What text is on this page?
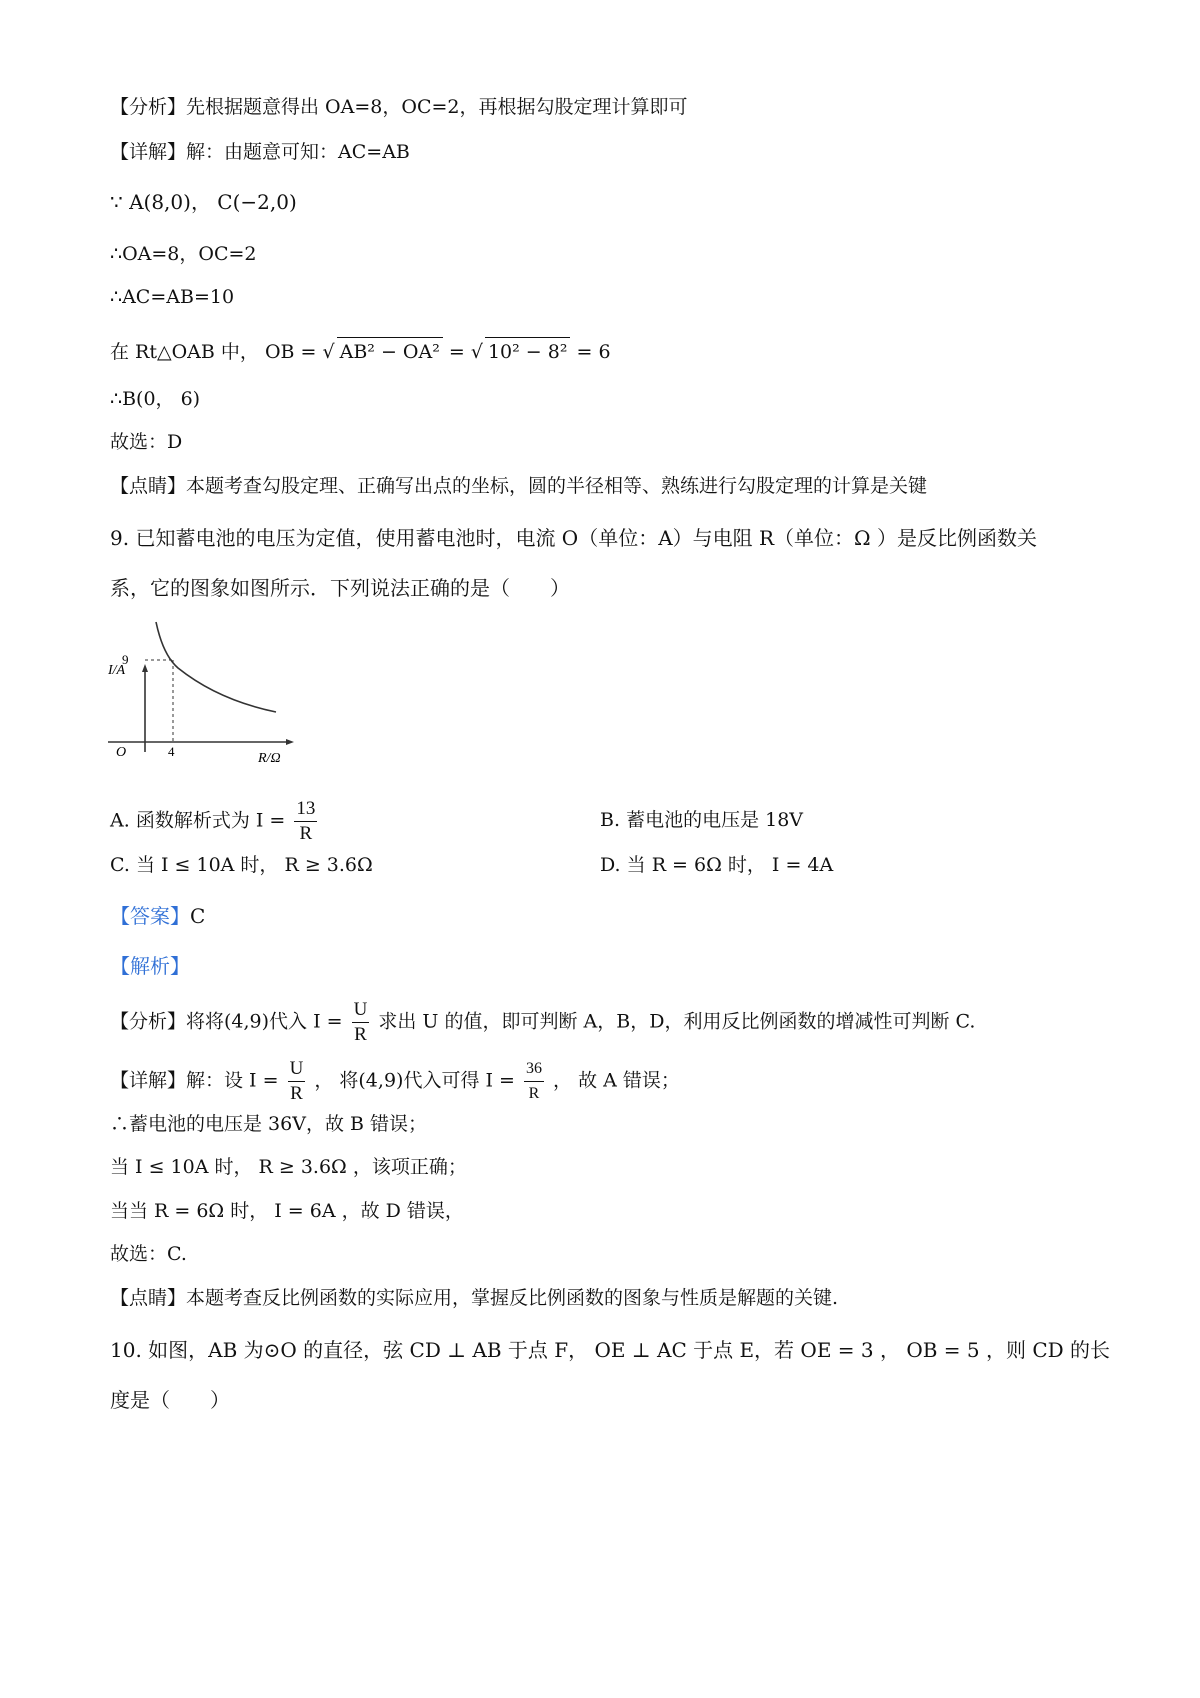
【分析】先根据题意得出 OA=8，OC=2，再根据勾股定理计算即可
【详解】解：由题意可知：AC=AB
∵ A(8,0)， C(−2,0)
∴OA=8，OC=2
∴AC=AB=10
在 Rt△OAB 中， OB = √ AB² − OA² = √ 10² − 8² = 6
∴B(0， 6)
故选：D
【点睛】本题考查勾股定理、正确写出点的坐标，圆的半径相等、熟练进行勾股定理的计算是关键
9. 已知蓄电池的电压为定值，使用蓄电池时，电流 O（单位：A）与电阻 R（单位：Ω ）是反比例函数关
系，它的图象如图所示．下列说法正确的是（　　）
I/A
O	4
9
R/Ω
A. 函数解析式为 $I = \frac{13}{R}$	B. 蓄电池的电压是 18V
C. 当 I ≤ 10A 时， R ≥ 3.6Ω	D. 当 R = 6Ω 时， I = 4A
【答案】C
【解析】
【分析】将将(4,9)代入 $I = \frac{U}{R}$ 求出 U 的值，即可判断 A，B，D，利用反比例函数的增减性可判断 C.
【详解】解：设 $I = \frac{U}{R}$ ， 将(4,9)代入可得 $I = \frac{36}{R}$ ， 故 A 错误；
∴蓄电池的电压是 36V，故 B 错误；
当 I ≤ 10A 时， R ≥ 3.6Ω ，该项正确；
当当 R = 6Ω 时， I = 6A ，故 D 错误，
故选：C.
【点睛】本题考查反比例函数的实际应用，掌握反比例函数的图象与性质是解题的关键.
10. 如图，AB 为⊙O 的直径，弦 CD ⊥ AB 于点 F， OE ⊥ AC 于点 E，若 OE = 3 ， OB = 5 ，则 CD 的长
度是（　　）
